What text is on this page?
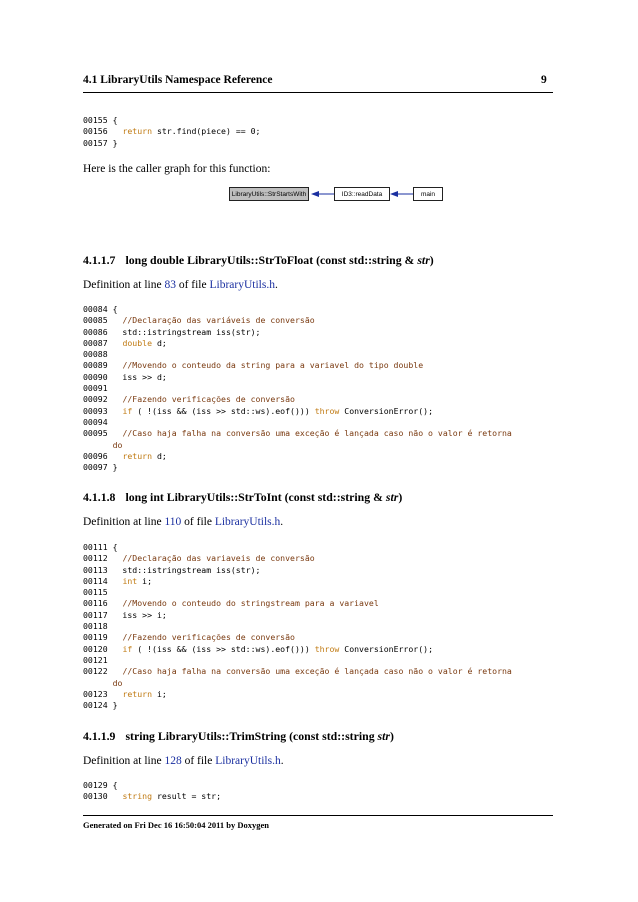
4.1 LibraryUtils Namespace Reference	9
00155 {
00156   return str.find(piece) == 0;
00157 }
Here is the caller graph for this function:
LibraryUtils::StrStartsWith	ID3::readData	main
4.1.1.7 long double LibraryUtils::StrToFloat (const std::string & str)
Definition at line 83 of file LibraryUtils.h.
00084 {
00085   //Declaração das variáveis de conversão
00086   std::istringstream iss(str);
00087   double d;
00088
00089   //Movendo o conteudo da string para a variavel do tipo double
00090   iss >> d;
00091
00092   //Fazendo verificações de conversão
00093   if ( !(iss && (iss >> std::ws).eof())) throw ConversionError();
00094
00095   //Caso haja falha na conversão uma exceção é lançada caso não o valor é retorna
do
00096   return d;
00097 }
4.1.1.8 long int LibraryUtils::StrToInt (const std::string & str)
Definition at line 110 of file LibraryUtils.h.
00111 {
00112   //Declaração das variaveis de conversão
00113   std::istringstream iss(str);
00114   int i;
00115
00116   //Movendo o conteudo do stringstream para a variavel
00117   iss >> i;
00118
00119   //Fazendo verificações de conversão
00120   if ( !(iss && (iss >> std::ws).eof())) throw ConversionError();
00121
00122   //Caso haja falha na conversão uma exceção é lançada caso não o valor é retorna
do
00123   return i;
00124 }
4.1.1.9 string LibraryUtils::TrimString (const std::string str)
Definition at line 128 of file LibraryUtils.h.
00129 {
00130   string result = str;
Generated on Fri Dec 16 16:50:04 2011 by Doxygen
